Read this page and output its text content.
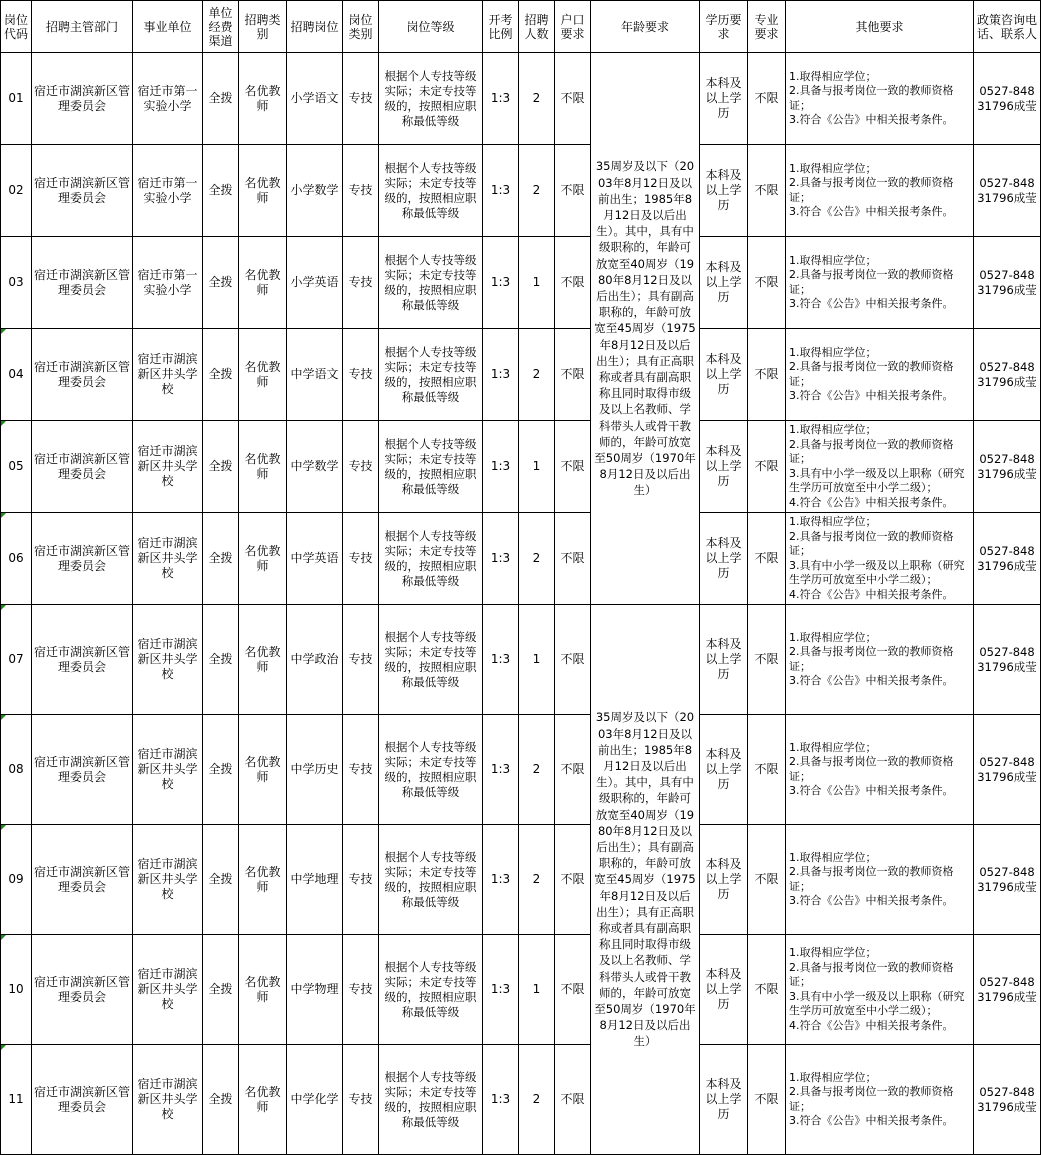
岗位代码	招聘主管部门	事业单位	单位经费渠道	招聘类别	招聘岗位	岗位类别	岗位等级	开考比例	招聘人数	户口要求	年龄要求	学历要求	专业要求	其他要求	政策咨询电话、联系人
01	宿迁市湖滨新区管理委员会	宿迁市第一实验小学	全拨	名优教师	小学语文	专技	根据个人专技等级实际；未定专技等级的，按照相应职称最低等级	1:3	2	不限	35周岁及以下（2003年8月12日及以前出生；1985年8月12日及以后出生）。其中，具有中级职称的，年龄可放宽至40周岁（1980年8月12日及以后出生）；具有副高职称的，年龄可放宽至45周岁（1975年8月12日及以后出生）；具有正高职称或者具有副高职称且同时取得市级及以上名教师、学科带头人或骨干教师的，年龄可放宽至50周岁（1970年8月12日及以后出生）	本科及以上学历	不限	1.取得相应学位；
2.具备与报考岗位一致的教师资格证；
3.符合《公告》中相关报考条件。	0527-84831796成莹
02	宿迁市湖滨新区管理委员会	宿迁市第一实验小学	全拨	名优教师	小学数学	专技	根据个人专技等级实际；未定专技等级的，按照相应职称最低等级	1:3	2	不限		本科及以上学历	不限	1.取得相应学位；
2.具备与报考岗位一致的教师资格证；
3.符合《公告》中相关报考条件。	0527-84831796成莹
03	宿迁市湖滨新区管理委员会	宿迁市第一实验小学	全拨	名优教师	小学英语	专技	根据个人专技等级实际；未定专技等级的，按照相应职称最低等级	1:3	1	不限		本科及以上学历	不限	1.取得相应学位；
2.具备与报考岗位一致的教师资格证；
3.符合《公告》中相关报考条件。	0527-84831796成莹
04	宿迁市湖滨新区管理委员会	宿迁市湖滨新区井头学校	全拨	名优教师	中学语文	专技	根据个人专技等级实际；未定专技等级的，按照相应职称最低等级	1:3	2	不限		本科及以上学历	不限	1.取得相应学位；
2.具备与报考岗位一致的教师资格证；
3.符合《公告》中相关报考条件。	0527-84831796成莹
05	宿迁市湖滨新区管理委员会	宿迁市湖滨新区井头学校	全拨	名优教师	中学数学	专技	根据个人专技等级实际；未定专技等级的，按照相应职称最低等级	1:3	1	不限		本科及以上学历	不限	1.取得相应学位；
2.具备与报考岗位一致的教师资格证；
3.具有中小学一级及以上职称（研究生学历可放宽至中小学二级）；
4.符合《公告》中相关报考条件。	0527-84831796成莹
06	宿迁市湖滨新区管理委员会	宿迁市湖滨新区井头学校	全拨	名优教师	中学英语	专技	根据个人专技等级实际；未定专技等级的，按照相应职称最低等级	1:3	2	不限		本科及以上学历	不限	1.取得相应学位；
2.具备与报考岗位一致的教师资格证；
3.具有中小学一级及以上职称（研究生学历可放宽至中小学二级）；
4.符合《公告》中相关报考条件。	0527-84831796成莹
07	宿迁市湖滨新区管理委员会	宿迁市湖滨新区井头学校	全拨	名优教师	中学政治	专技	根据个人专技等级实际；未定专技等级的，按照相应职称最低等级	1:3	1	不限	35周岁及以下（2003年8月12日及以前出生；1985年8月12日及以后出生）。其中，具有中级职称的，年龄可放宽至40周岁（1980年8月12日及以后出生）；具有副高职称的，年龄可放宽至45周岁（1975年8月12日及以后出生）；具有正高职称或者具有副高职称且同时取得市级及以上名教师、学科带头人或骨干教师的，年龄可放宽至50周岁（1970年8月12日及以后出生）	本科及以上学历	不限	1.取得相应学位；
2.具备与报考岗位一致的教师资格证；
3.符合《公告》中相关报考条件。	0527-84831796成莹
08	宿迁市湖滨新区管理委员会	宿迁市湖滨新区井头学校	全拨	名优教师	中学历史	专技	根据个人专技等级实际；未定专技等级的，按照相应职称最低等级	1:3	2	不限		本科及以上学历	不限	1.取得相应学位；
2.具备与报考岗位一致的教师资格证；
3.符合《公告》中相关报考条件。	0527-84831796成莹
09	宿迁市湖滨新区管理委员会	宿迁市湖滨新区井头学校	全拨	名优教师	中学地理	专技	根据个人专技等级实际；未定专技等级的，按照相应职称最低等级	1:3	2	不限		本科及以上学历	不限	1.取得相应学位；
2.具备与报考岗位一致的教师资格证；
3.符合《公告》中相关报考条件。	0527-84831796成莹
10	宿迁市湖滨新区管理委员会	宿迁市湖滨新区井头学校	全拨	名优教师	中学物理	专技	根据个人专技等级实际；未定专技等级的，按照相应职称最低等级	1:3	1	不限		本科及以上学历	不限	1.取得相应学位；
2.具备与报考岗位一致的教师资格证；
3.具有中小学一级及以上职称（研究生学历可放宽至中小学二级）；
4.符合《公告》中相关报考条件。	0527-84831796成莹
11	宿迁市湖滨新区管理委员会	宿迁市湖滨新区井头学校	全拨	名优教师	中学化学	专技	根据个人专技等级实际；未定专技等级的，按照相应职称最低等级	1:3	2	不限		本科及以上学历	不限	1.取得相应学位；
2.具备与报考岗位一致的教师资格证；
3.符合《公告》中相关报考条件。	0527-84831796成莹
